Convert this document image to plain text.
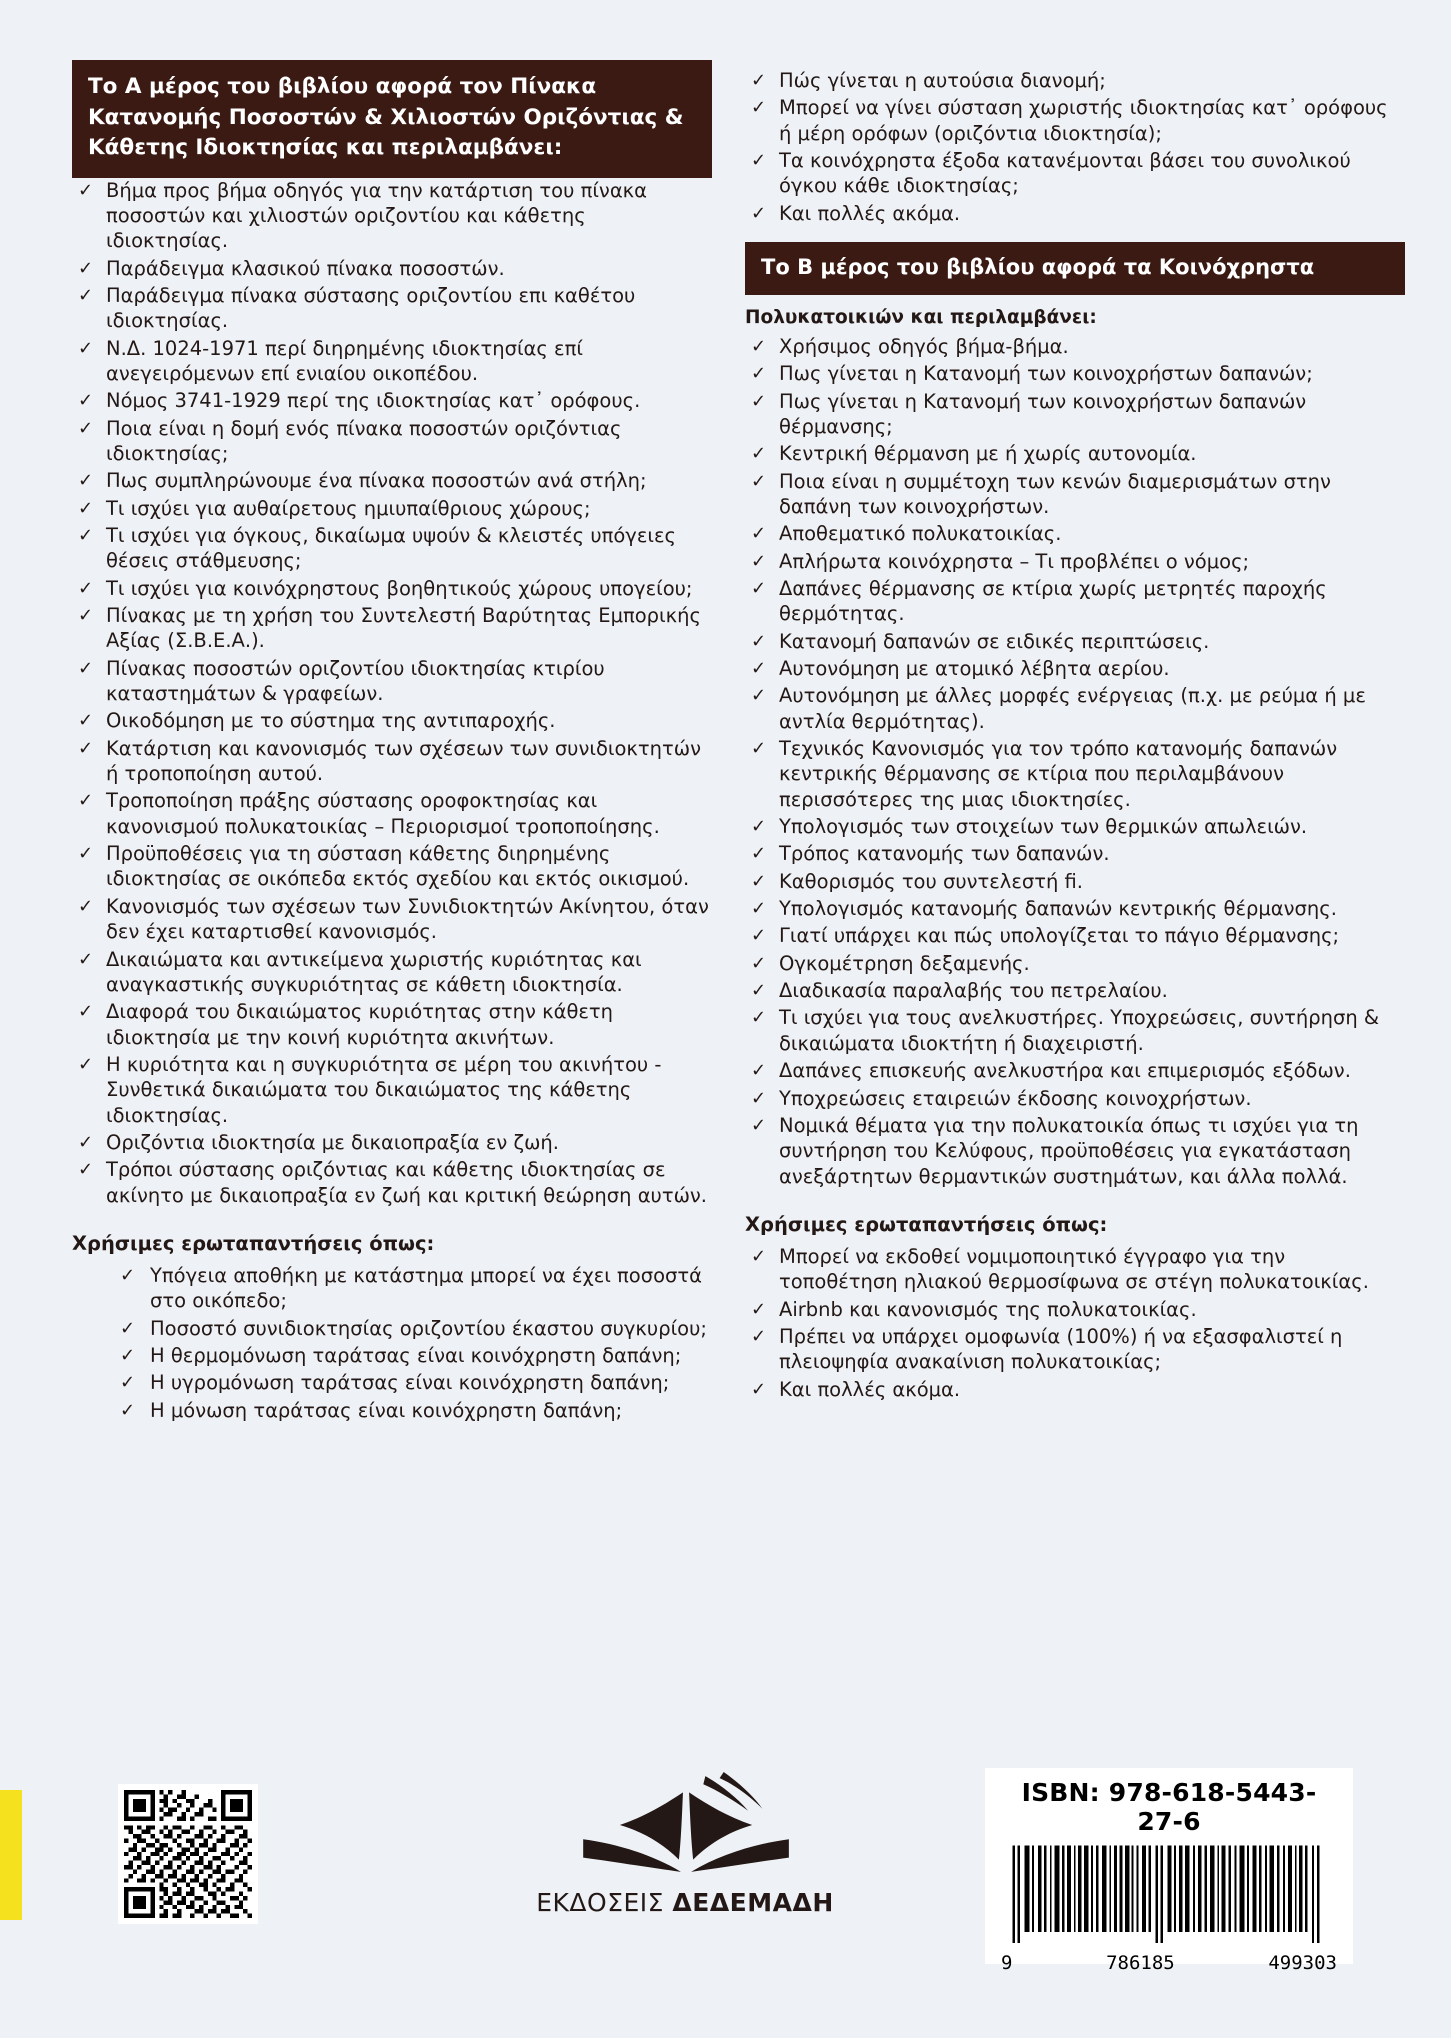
Το Α μέρος του βιβλίου αφορά τον Πίνακα Κατανομής Ποσοστών & Χιλιοστών Οριζόντιας & Κάθετης Ιδιοκτησίας και περιλαμβάνει:
✓ Βήμα προς βήμα οδηγός για την κατάρτιση του πίνακα ποσοστών και χιλιοστών οριζοντίου και κάθετης ιδιοκτησίας.
✓ Παράδειγμα κλασικού πίνακα ποσοστών.
✓ Παράδειγμα πίνακα σύστασης οριζοντίου επι καθέτου ιδιοκτησίας.
✓ Ν.Δ. 1024-1971 περί διηρημένης ιδιοκτησίας επί ανεγειρόμενων επί ενιαίου οικοπέδου.
✓ Νόμος 3741-1929 περί της ιδιοκτησίας κατ᾽ ορόφους.
✓ Ποια είναι η δομή ενός πίνακα ποσοστών οριζόντιας ιδιοκτησίας;
✓ Πως συμπληρώνουμε ένα πίνακα ποσοστών ανά στήλη;
✓ Τι ισχύει για αυθαίρετους ημιυπαίθριους χώρους;
✓ Τι ισχύει για όγκους, δικαίωμα υψούν & κλειστές υπόγειες θέσεις στάθμευσης;
✓ Τι ισχύει για κοινόχρηστους βοηθητικούς χώρους υπογείου;
✓ Πίνακας με τη χρήση του Συντελεστή Βαρύτητας Εμπορικής Αξίας (Σ.Β.Ε.Α.).
✓ Πίνακας ποσοστών οριζοντίου ιδιοκτησίας κτιρίου καταστημάτων & γραφείων.
✓ Οικοδόμηση με το σύστημα της αντιπαροχής.
✓ Κατάρτιση και κανονισμός των σχέσεων των συνιδιοκτητών ή τροποποίηση αυτού.
✓ Τροποποίηση πράξης σύστασης οροφοκτησίας και κανονισμού πολυκατοικίας – Περιορισμοί τροποποίησης.
✓ Προϋποθέσεις για τη σύσταση κάθετης διηρημένης ιδιοκτησίας σε οικόπεδα εκτός σχεδίου και εκτός οικισμού.
✓ Κανονισμός των σχέσεων των Συνιδιοκτητών Ακίνητου, όταν δεν έχει καταρτισθεί κανονισμός.
✓ Δικαιώματα και αντικείμενα χωριστής κυριότητας και αναγκαστικής συγκυριότητας σε κάθετη ιδιοκτησία.
✓ Διαφορά του δικαιώματος κυριότητας στην κάθετη ιδιοκτησία με την κοινή κυριότητα ακινήτων.
✓ Η κυριότητα και η συγκυριότητα σε μέρη του ακινήτου - Συνθετικά δικαιώματα του δικαιώματος της κάθετης ιδιοκτησίας.
✓ Οριζόντια ιδιοκτησία με δικαιοπραξία εν ζωή.
✓ Τρόποι σύστασης οριζόντιας και κάθετης ιδιοκτησίας σε ακίνητο με δικαιοπραξία εν ζωή και κριτική θεώρηση αυτών.
Χρήσιμες ερωταπαντήσεις όπως:
✓ Υπόγεια αποθήκη με κατάστημα μπορεί να έχει ποσοστά στο οικόπεδο;
✓ Ποσοστό συνιδιοκτησίας οριζοντίου έκαστου συγκυρίου;
✓ Η θερμομόνωση ταράτσας είναι κοινόχρηστη δαπάνη;
✓ Η υγρομόνωση ταράτσας είναι κοινόχρηστη δαπάνη;
✓ Η μόνωση ταράτσας είναι κοινόχρηστη δαπάνη;
✓ Πώς γίνεται η αυτούσια διανομή;
✓ Μπορεί να γίνει σύσταση χωριστής ιδιοκτησίας κατ᾽ ορόφους ή μέρη ορόφων (οριζόντια ιδιοκτησία);
✓ Τα κοινόχρηστα έξοδα κατανέμονται βάσει του συνολικού όγκου κάθε ιδιοκτησίας;
✓ Και πολλές ακόμα.
Το Β μέρος του βιβλίου αφορά τα Κοινόχρηστα
Πολυκατοικιών και περιλαμβάνει:
✓ Χρήσιμος οδηγός βήμα-βήμα.
✓ Πως γίνεται η Κατανομή των κοινοχρήστων δαπανών;
✓ Πως γίνεται η Κατανομή των κοινοχρήστων δαπανών θέρμανσης;
✓ Κεντρική θέρμανση με ή χωρίς αυτονομία.
✓ Ποια είναι η συμμέτοχη των κενών διαμερισμάτων στην δαπάνη των κοινοχρήστων.
✓ Αποθεματικό πολυκατοικίας.
✓ Απλήρωτα κοινόχρηστα – Τι προβλέπει ο νόμος;
✓ Δαπάνες θέρμανσης σε κτίρια χωρίς μετρητές παροχής θερμότητας.
✓ Κατανομή δαπανών σε ειδικές περιπτώσεις.
✓ Αυτονόμηση με ατομικό λέβητα αερίου.
✓ Αυτονόμηση με άλλες μορφές ενέργειας (π.χ. με ρεύμα ή με αντλία θερμότητας).
✓ Τεχνικός Κανονισμός για τον τρόπο κατανομής δαπανών κεντρικής θέρμανσης σε κτίρια που περιλαμβάνουν περισσότερες της μιας ιδιοκτησίες.
✓ Υπολογισμός των στοιχείων των θερμικών απωλειών.
✓ Τρόπος κατανομής των δαπανών.
✓ Καθορισμός του συντελεστή fi.
✓ Υπολογισμός κατανομής δαπανών κεντρικής θέρμανσης.
✓ Γιατί υπάρχει και πώς υπολογίζεται το πάγιο θέρμανσης;
✓ Ογκομέτρηση δεξαμενής.
✓ Διαδικασία παραλαβής του πετρελαίου.
✓ Τι ισχύει για τους ανελκυστήρες. Υποχρεώσεις, συντήρηση & δικαιώματα ιδιοκτήτη ή διαχειριστή.
✓ Δαπάνες επισκευής ανελκυστήρα και επιμερισμός εξόδων.
✓ Υποχρεώσεις εταιρειών έκδοσης κοινοχρήστων.
✓ Νομικά θέματα για την πολυκατοικία όπως τι ισχύει για τη συντήρηση του Κελύφους, προϋποθέσεις για εγκατάσταση ανεξάρτητων θερμαντικών συστημάτων, και άλλα πολλά.
Χρήσιμες ερωταπαντήσεις όπως:
✓ Μπορεί να εκδοθεί νομιμοποιητικό έγγραφο για την τοποθέτηση ηλιακού θερμοσίφωνα σε στέγη πολυκατοικίας.
✓ Airbnb και κανονισμός της πολυκατοικίας.
✓ Πρέπει να υπάρχει ομοφωνία (100%) ή να εξασφαλιστεί η πλειοψηφία ανακαίνιση πολυκατοικίας;
✓ Και πολλές ακόμα.
ΕΚΔΟΣΕΙΣ ΔΕΔΕΜΑΔΗ
ISBN: 978-618-5443-27-6
9	786185	499303
